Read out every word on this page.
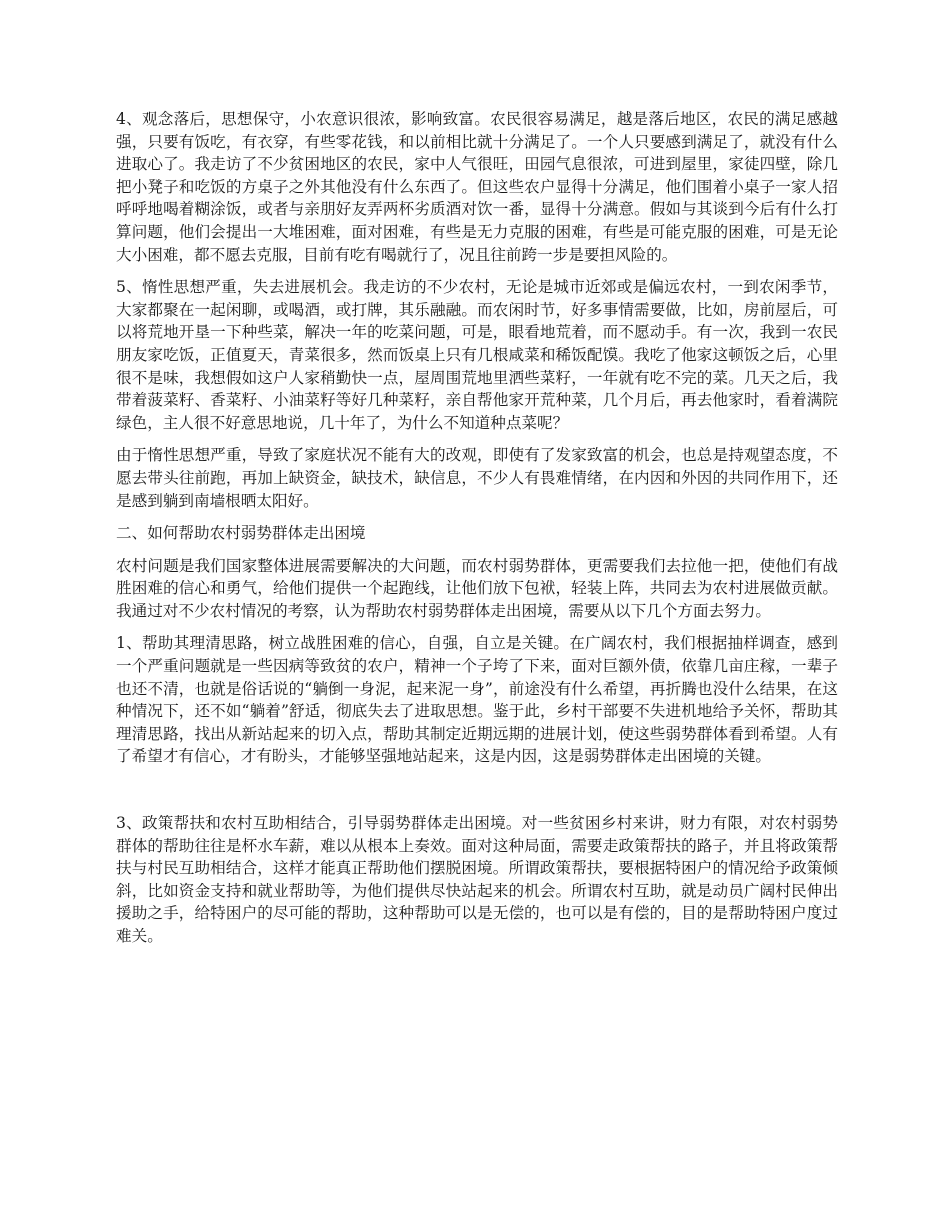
4、观念落后，思想保守，小农意识很浓，影响致富。农民很容易满足，越是落后地区，农民的满足感越强，只要有饭吃，有衣穿，有些零花钱，和以前相比就十分满足了。一个人只要感到满足了，就没有什么进取心了。我走访了不少贫困地区的农民，家中人气很旺，田园气息很浓，可进到屋里，家徒四壁，除几把小凳子和吃饭的方桌子之外其他没有什么东西了。但这些农户显得十分满足，他们围着小桌子一家人招呼呼地喝着糊涂饭，或者与亲朋好友弄两杯劣质酒对饮一番，显得十分满意。假如与其谈到今后有什么打算问题，他们会提出一大堆困难，面对困难，有些是无力克服的困难，有些是可能克服的困难，可是无论大小困难，都不愿去克服，目前有吃有喝就行了，况且往前跨一步是要担风险的。

5、惰性思想严重，失去进展机会。我走访的不少农村，无论是城市近郊或是偏远农村，一到农闲季节，大家都聚在一起闲聊，或喝酒，或打牌，其乐融融。而农闲时节，好多事情需要做，比如，房前屋后，可以将荒地开垦一下种些菜，解决一年的吃菜问题，可是，眼看地荒着，而不愿动手。有一次，我到一农民朋友家吃饭，正值夏天，青菜很多，然而饭桌上只有几根咸菜和稀饭配馍。我吃了他家这顿饭之后，心里很不是味，我想假如这户人家稍勤快一点，屋周围荒地里洒些菜籽，一年就有吃不完的菜。几天之后，我带着菠菜籽、香菜籽、小油菜籽等好几种菜籽，亲自帮他家开荒种菜，几个月后，再去他家时，看着满院绿色，主人很不好意思地说，几十年了，为什么不知道种点菜呢？

由于惰性思想严重，导致了家庭状况不能有大的改观，即使有了发家致富的机会，也总是持观望态度，不愿去带头往前跑，再加上缺资金，缺技术，缺信息，不少人有畏难情绪，在内因和外因的共同作用下，还是感到躺到南墙根晒太阳好。

二、如何帮助农村弱势群体走出困境

农村问题是我们国家整体进展需要解决的大问题，而农村弱势群体，更需要我们去拉他一把，使他们有战胜困难的信心和勇气，给他们提供一个起跑线，让他们放下包袱，轻装上阵，共同去为农村进展做贡献。我通过对不少农村情况的考察，认为帮助农村弱势群体走出困境，需要从以下几个方面去努力。

1、帮助其理清思路，树立战胜困难的信心，自强，自立是关键。在广阔农村，我们根据抽样调查，感到一个严重问题就是一些因病等致贫的农户，精神一个子垮了下来，面对巨额外债，依靠几亩庄稼，一辈子也还不清，也就是俗话说的“躺倒一身泥，起来泥一身”，前途没有什么希望，再折腾也没什么结果，在这种情况下，还不如“躺着”舒适，彻底失去了进取思想。鉴于此，乡村干部要不失进机地给予关怀，帮助其理清思路，找出从新站起来的切入点，帮助其制定近期远期的进展计划，使这些弱势群体看到希望。人有了希望才有信心，才有盼头，才能够坚强地站起来，这是内因，这是弱势群体走出困境的关键。

3、政策帮扶和农村互助相结合，引导弱势群体走出困境。对一些贫困乡村来讲，财力有限，对农村弱势群体的帮助往往是杯水车薪，难以从根本上奏效。面对这种局面，需要走政策帮扶的路子，并且将政策帮扶与村民互助相结合，这样才能真正帮助他们摆脱困境。所谓政策帮扶，要根据特困户的情况给予政策倾斜，比如资金支持和就业帮助等，为他们提供尽快站起来的机会。所谓农村互助，就是动员广阔村民伸出援助之手，给特困户的尽可能的帮助，这种帮助可以是无偿的，也可以是有偿的，目的是帮助特困户度过难关。
